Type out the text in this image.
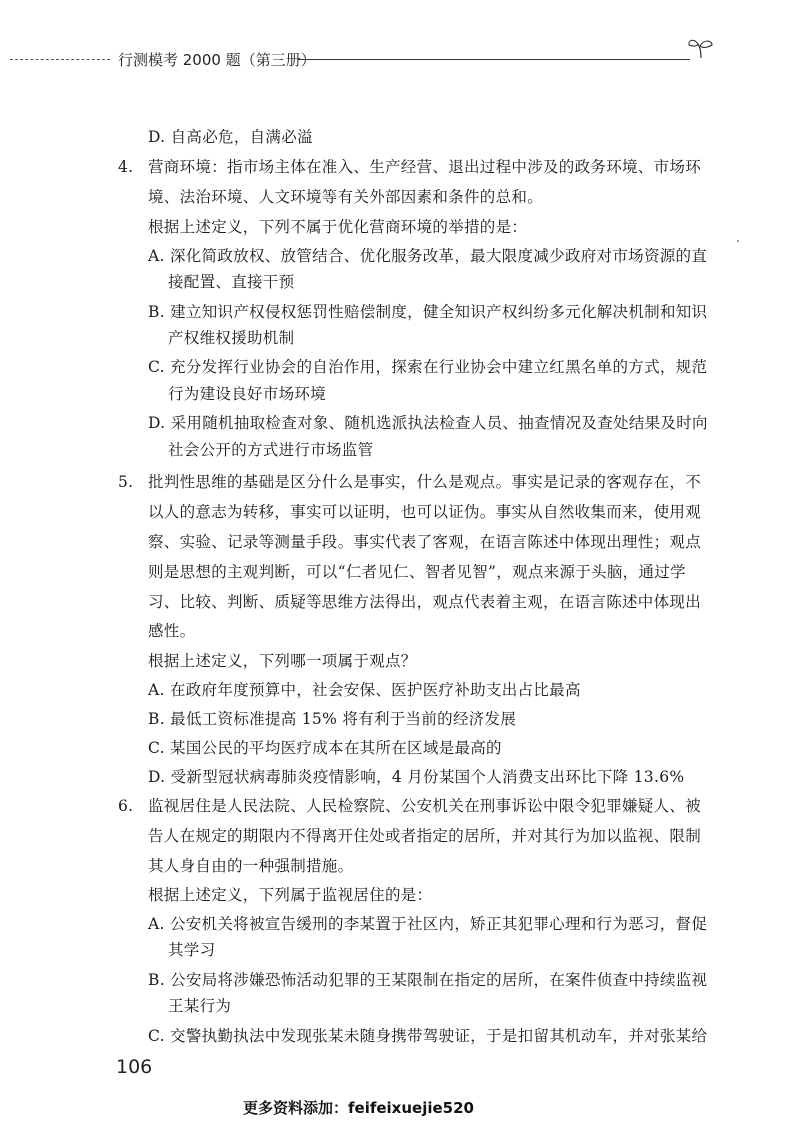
行测模考 2000 题（第三册）
D. 自高必危，自满必溢
4. 营商环境：指市场主体在准入、生产经营、退出过程中涉及的政务环境、市场环
境、法治环境、人文环境等有关外部因素和条件的总和。
根据上述定义，下列不属于优化营商环境的举措的是：
A. 深化简政放权、放管结合、优化服务改革，最大限度减少政府对市场资源的直
接配置、直接干预
B. 建立知识产权侵权惩罚性赔偿制度，健全知识产权纠纷多元化解决机制和知识
产权维权援助机制
C. 充分发挥行业协会的自治作用，探索在行业协会中建立红黑名单的方式，规范
行为建设良好市场环境
D. 采用随机抽取检查对象、随机选派执法检查人员、抽查情况及查处结果及时向
社会公开的方式进行市场监管
5. 批判性思维的基础是区分什么是事实，什么是观点。事实是记录的客观存在，不
以人的意志为转移，事实可以证明，也可以证伪。事实从自然收集而来，使用观
察、实验、记录等测量手段。事实代表了客观，在语言陈述中体现出理性；观点
则是思想的主观判断，可以“仁者见仁、智者见智”，观点来源于头脑，通过学
习、比较、判断、质疑等思维方法得出，观点代表着主观，在语言陈述中体现出
感性。
根据上述定义，下列哪一项属于观点？
A. 在政府年度预算中，社会安保、医护医疗补助支出占比最高
B. 最低工资标准提高 15% 将有利于当前的经济发展
C. 某国公民的平均医疗成本在其所在区域是最高的
D. 受新型冠状病毒肺炎疫情影响，4 月份某国个人消费支出环比下降 13.6%
6. 监视居住是人民法院、人民检察院、公安机关在刑事诉讼中限令犯罪嫌疑人、被
告人在规定的期限内不得离开住处或者指定的居所，并对其行为加以监视、限制
其人身自由的一种强制措施。
根据上述定义，下列属于监视居住的是：
A. 公安机关将被宣告缓刑的李某置于社区内，矫正其犯罪心理和行为恶习，督促
其学习
B. 公安局将涉嫌恐怖活动犯罪的王某限制在指定的居所，在案件侦查中持续监视
王某行为
C. 交警执勤执法中发现张某未随身携带驾驶证，于是扣留其机动车，并对张某给
106
更多资料添加：feifeixuejie520
